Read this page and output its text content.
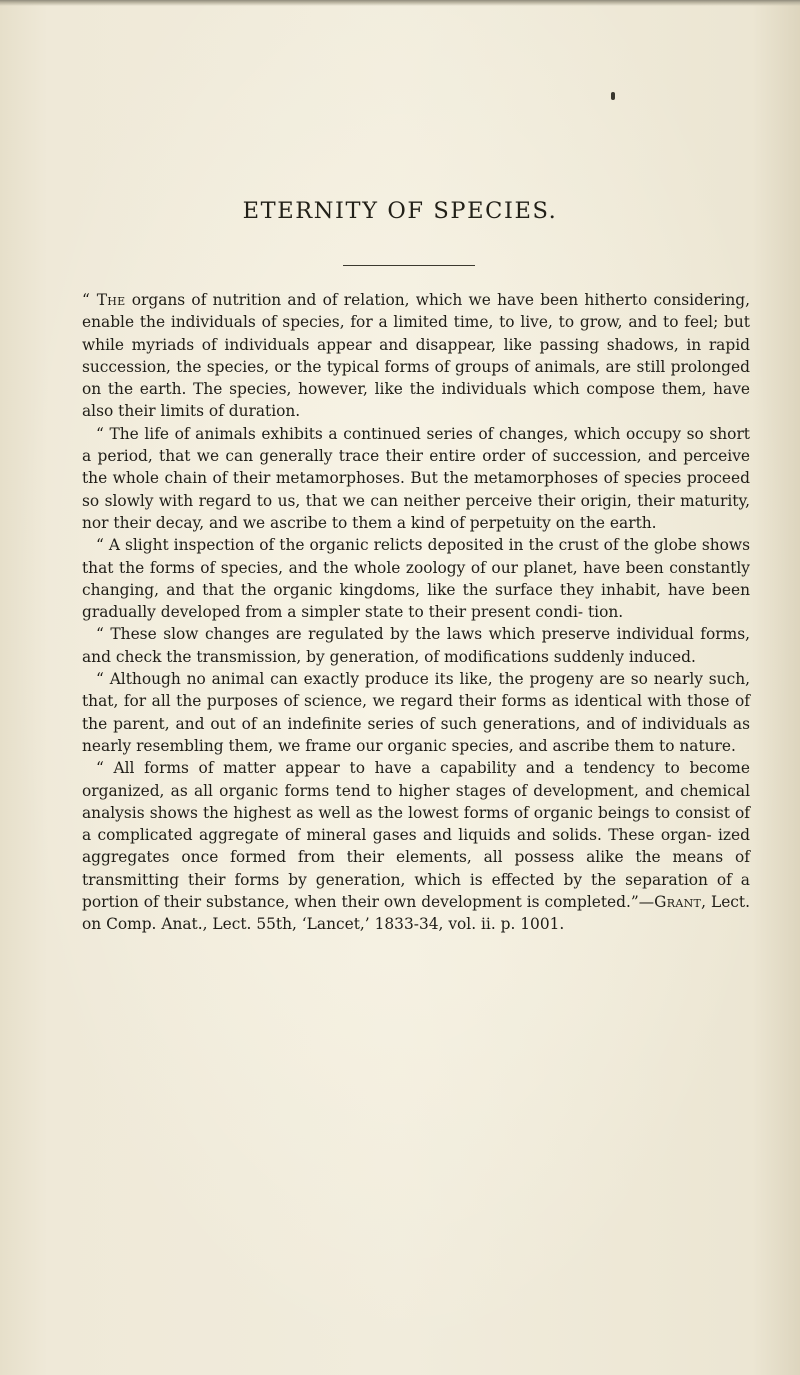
ETERNITY OF SPECIES.

“ The organs of nutrition and of relation, which we have been hitherto considering, enable the individuals of species, for a limited time, to live, to grow, and to feel; but while myriads of individuals appear and disappear, like passing shadows, in rapid succession, the species, or the typical forms of groups of animals, are still prolonged on the earth. The species, however, like the individuals which compose them, have also their limits of duration.

“ The life of animals exhibits a continued series of changes, which occupy so short a period, that we can generally trace their entire order of succession, and perceive the whole chain of their metamorphoses. But the metamorphoses of species proceed so slowly with regard to us, that we can neither perceive their origin, their maturity, nor their decay, and we ascribe to them a kind of perpetuity on the earth.

“ A slight inspection of the organic relicts deposited in the crust of the globe shows that the forms of species, and the whole zoology of our planet, have been constantly changing, and that the organic kingdoms, like the surface they inhabit, have been gradually developed from a simpler state to their present condi- tion.

“ These slow changes are regulated by the laws which preserve individual forms, and check the transmission, by generation, of modifications suddenly induced.

“ Although no animal can exactly produce its like, the progeny are so nearly such, that, for all the purposes of science, we regard their forms as identical with those of the parent, and out of an indefinite series of such generations, and of individuals as nearly resembling them, we frame our organic species, and ascribe them to nature.

“ All forms of matter appear to have a capability and a tendency to become organized, as all organic forms tend to higher stages of development, and chemical analysis shows the highest as well as the lowest forms of organic beings to consist of a complicated aggregate of mineral gases and liquids and solids. These organ- ized aggregates once formed from their elements, all possess alike the means of transmitting their forms by generation, which is effected by the separation of a portion of their substance, when their own development is completed.”—Grant, Lect. on Comp. Anat., Lect. 55th, ‘Lancet,’ 1833-34, vol. ii. p. 1001.
